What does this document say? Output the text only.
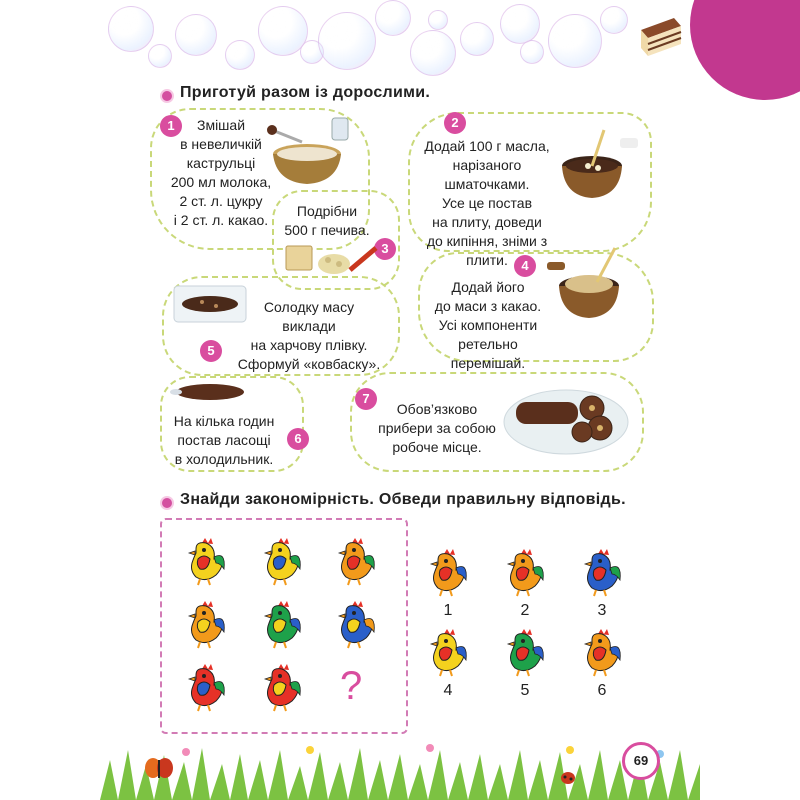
Приготуй разом із дорослими.
1	Змішай
в невеличкій
каструльці
200 мл молока,
2 ст. л. цукру
і 2 ст. л. какао.
2
Додай 100 г масла,
нарізаного
шматочками.
Усе це постав
на плиту, доведи
до кипіння, зніми з плити.
Подрібни
500 г печива.
3
4
Додай його
до маси з какао.
Усі компоненти
ретельно перемішай.
Солодку масу
виклади
на харчову плівку.
Сформуй «ковбаску».
5
На кілька годин
постав ласощі
в холодильник.
6
7
Обов’язково
прибери за собою
робоче місце.
Знайди закономірність. Обведи правильну відповідь.
?
1	2	3
4	5	6
69
